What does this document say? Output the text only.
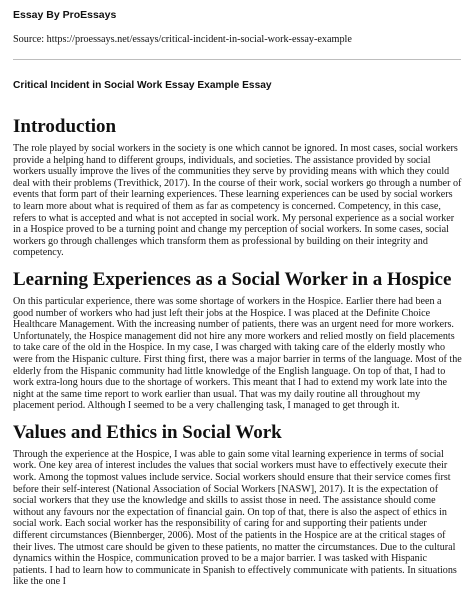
Essay By ProEssays
Source: https://proessays.net/essays/critical-incident-in-social-work-essay-example
Critical Incident in Social Work Essay Example Essay
Introduction

The role played by social workers in the society is one which cannot be ignored. In most cases, social workers provide a helping hand to different groups, individuals, and societies. The assistance provided by social workers usually improve the lives of the communities they serve by providing means with which they could deal with their problems (Trevithick, 2017). In the course of their work, social workers go through a number of events that form part of their learning experiences. These learning experiences can be used by social workers to learn more about what is required of them as far as competency is concerned. Competency, in this case, refers to what is accepted and what is not accepted in social work. My personal experience as a social worker in a Hospice proved to be a turning point and change my perception of social workers. In some cases, social workers go through challenges which transform them as professional by building on their integrity and competency.

Learning Experiences as a Social Worker in a Hospice

On this particular experience, there was some shortage of workers in the Hospice. Earlier there had been a good number of workers who had just left their jobs at the Hospice. I was placed at the Definite Choice Healthcare Management. With the increasing number of patients, there was an urgent need for more workers. Unfortunately, the Hospice management did not hire any more workers and relied mostly on field placements to take care of the old in the Hospice. In my case, I was charged with taking care of the elderly mostly who were from the Hispanic culture. First thing first, there was a major barrier in terms of the language. Most of the elderly from the Hispanic community had little knowledge of the English language. On top of that, I had to work extra-long hours due to the shortage of workers. This meant that I had to extend my work late into the night at the same time report to work earlier than usual. That was my daily routine all throughout my placement period. Although I seemed to be a very challenging task, I managed to get through it.

Values and Ethics in Social Work

Through the experience at the Hospice, I was able to gain some vital learning experience in terms of social work. One key area of interest includes the values that social workers must have to effectively execute their work. Among the topmost values include service. Social workers should ensure that their service comes first before their self-interest (National Association of Social Workers [NASW], 2017). It is the expectation of social workers that they use the knowledge and skills to assist those in need. The assistance should come without any favours nor the expectation of financial gain. On top of that, there is also the aspect of ethics in social work. Each social worker has the responsibility of caring for and supporting their patients under different circumstances (Biennberger, 2006). Most of the patients in the Hospice are at the critical stages of their lives. The utmost care should be given to these patients, no matter the circumstances. Due to the cultural dynamics within the Hospice, communication proved to be a major barrier. I was tasked with Hispanic patients. I had to learn how to communicate in Spanish to effectively communicate with patients. In situations like the one I
